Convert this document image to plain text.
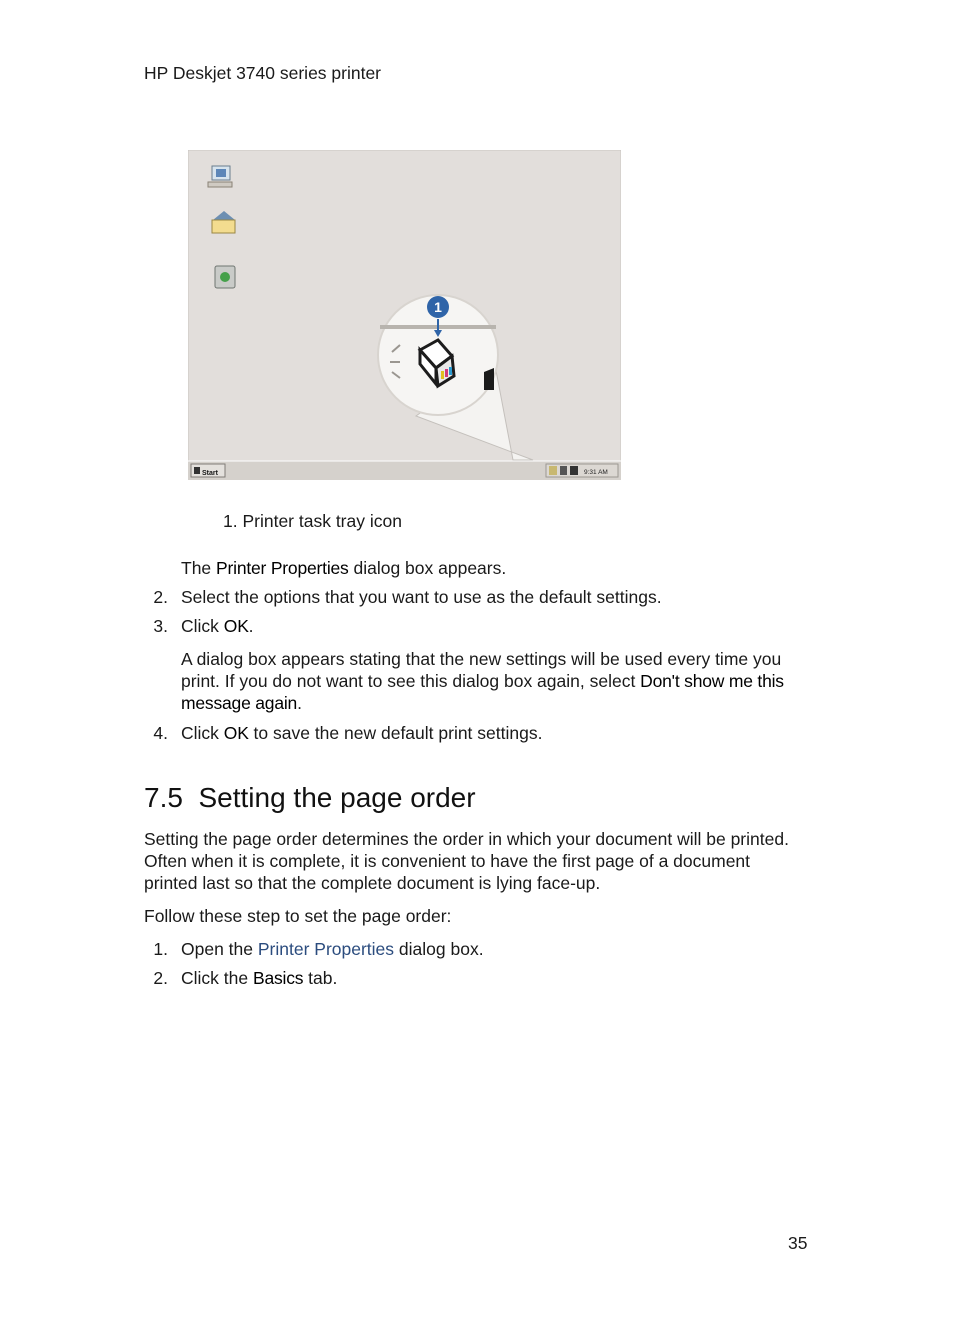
HP Deskjet 3740 series printer
1
Start	9:31 AM
1. Printer task tray icon
The Printer Properties dialog box appears.
2. Select the options that you want to use as the default settings.
3. Click OK.
A dialog box appears stating that the new settings will be used every time you
print. If you do not want to see this dialog box again, select Don't show me this
message again.
4. Click OK to save the new default print settings.
7.5  Setting the page order
Setting the page order determines the order in which your document will be printed.
Often when it is complete, it is convenient to have the first page of a document
printed last so that the complete document is lying face-up.
Follow these step to set the page order:
1. Open the Printer Properties dialog box.
2. Click the Basics tab.
35
